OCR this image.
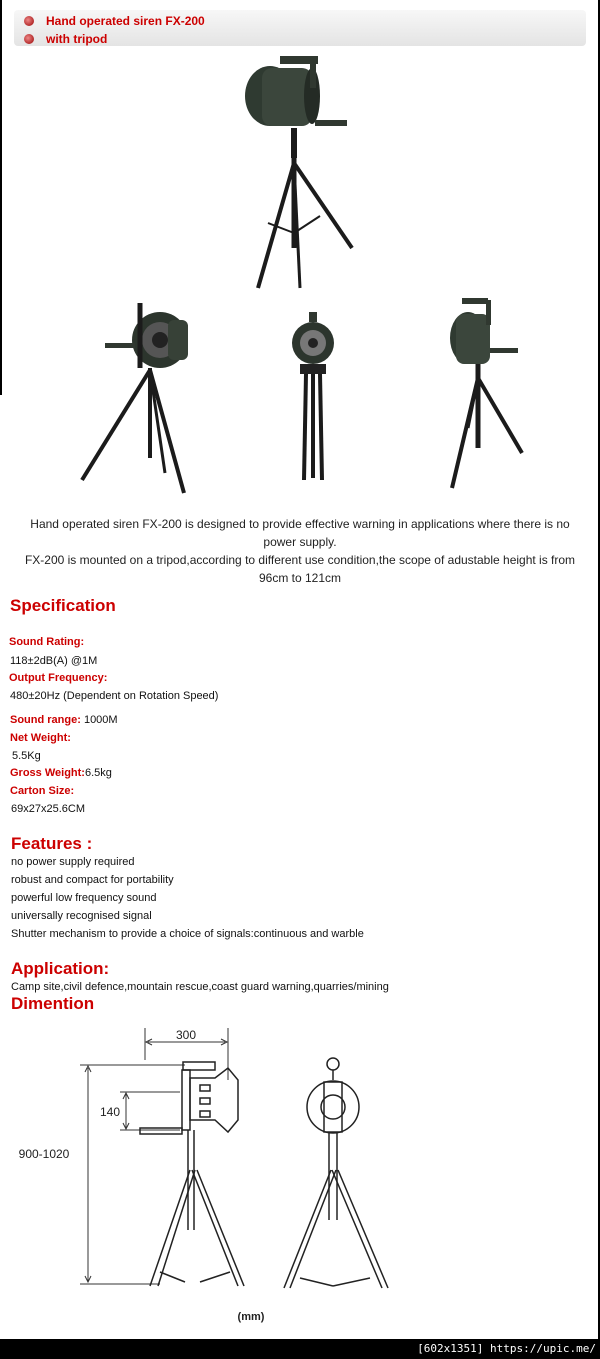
Hand operated siren FX-200
with tripod
Hand operated siren FX-200 is designed to provide effective warning in applications where there is no
power supply.
FX-200 is mounted on a tripod,according to different use condition,the scope of adustable height is from
96cm to 121cm
Specification
Sound Rating:
118±2dB(A) @1M
Output Frequency:
480±20Hz (Dependent on Rotation Speed)
Sound range: 1000M
Net Weight:
5.5Kg
Gross Weight:6.5kg
Carton Size:
69x27x25.6CM
Features :
no power supply required
robust and compact for portability
powerful low frequency sound
universally recognised signal
Shutter mechanism to provide a choice of signals:continuous and warble
Application:
Camp site,civil defence,mountain rescue,coast guard warning,quarries/mining
Dimention
300
900-1020
140
(mm)
[602x1351] https://upic.me/
